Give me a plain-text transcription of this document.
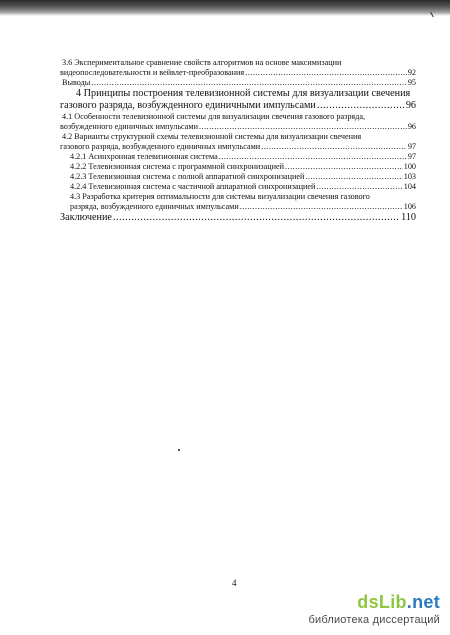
3.6 Экспериментальное сравнение свойств алгоритмов на основе максимизации
видеопоследовательности и вейвлет-преобразования .....	92
Выводы .....	95
4 Принципы построения телевизионной системы для визуализации свечения
газового разряда, возбужденного единичными импульсами .....	96
4.1 Особенности телевизионной системы для визуализации свечения газового разряда,
возбужденного единичных импульсами .....	96
4.2 Варианты структурной схемы телевизионной системы для визуализации свечения
газового разряда, возбужденного единичных импульсами .....	97
4.2.1 Асинхронная телевизионная система .....	97
4.2.2 Телевизионная система с программной синхронизацией .....	100
4.2.3 Телевизионная система с полной аппаратной синхронизацией .....	103
4.2.4 Телевизионная система с частичной аппаратной синхронизацией .....	104
4.3 Разработка критерия оптимальности для системы визуализации свечения газового
разряда, возбужденного единичных импульсами .....	106
Заключение .....	110
4
dsLib.net
библиотека диссертаций
